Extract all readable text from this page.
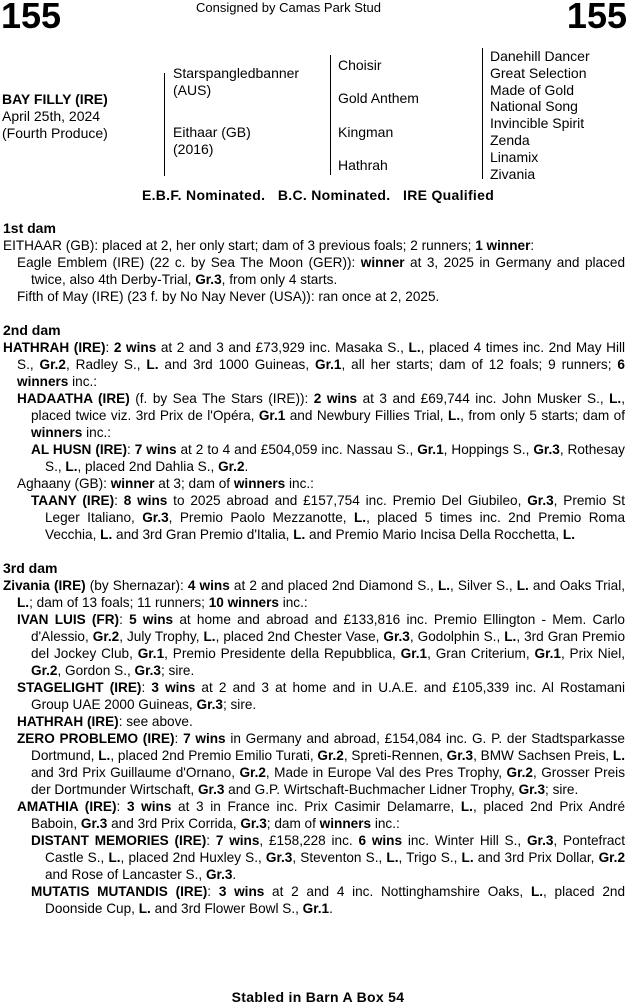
155	155
Consigned by Camas Park Stud
BAY FILLY (IRE)
April 25th, 2024
(Fourth Produce)
Starspangledbanner
(AUS)
Eithaar (GB)
(2016)
Choisir
Gold Anthem
Kingman
Hathrah
Danehill Dancer
Great Selection
Made of Gold
National Song
Invincible Spirit
Zenda
Linamix
Zivania
E.B.F. Nominated.   B.C. Nominated.   IRE Qualified
1st dam

EITHAAR (GB): placed at 2, her only start; dam of 3 previous foals; 2 runners; 1 winner:

Eagle Emblem (IRE) (22 c. by Sea The Moon (GER)): winner at 3, 2025 in Germany and placed twice, also 4th Derby-Trial, Gr.3, from only 4 starts.

Fifth of May (IRE) (23 f. by No Nay Never (USA)): ran once at 2, 2025.

2nd dam

HATHRAH (IRE): 2 wins at 2 and 3 and £73,929 inc. Masaka S., L., placed 4 times inc. 2nd May Hill S., Gr.2, Radley S., L. and 3rd 1000 Guineas, Gr.1, all her starts; dam of 12 foals; 9 runners; 6 winners inc.:

HADAATHA (IRE) (f. by Sea The Stars (IRE)): 2 wins at 3 and £69,744 inc. John Musker S., L., placed twice viz. 3rd Prix de l'Opéra, Gr.1 and Newbury Fillies Trial, L., from only 5 starts; dam of winners inc.:

AL HUSN (IRE): 7 wins at 2 to 4 and £504,059 inc. Nassau S., Gr.1, Hoppings S., Gr.3, Rothesay S., L., placed 2nd Dahlia S., Gr.2.

Aghaany (GB): winner at 3; dam of winners inc.:

TAANY (IRE): 8 wins to 2025 abroad and £157,754 inc. Premio Del Giubileo, Gr.3, Premio St Leger Italiano, Gr.3, Premio Paolo Mezzanotte, L., placed 5 times inc. 2nd Premio Roma Vecchia, L. and 3rd Gran Premio d'Italia, L. and Premio Mario Incisa Della Rocchetta, L.

3rd dam

Zivania (IRE) (by Shernazar): 4 wins at 2 and placed 2nd Diamond S., L., Silver S., L. and Oaks Trial, L.; dam of 13 foals; 11 runners; 10 winners inc.:

IVAN LUIS (FR): 5 wins at home and abroad and £133,816 inc. Premio Ellington - Mem. Carlo d'Alessio, Gr.2, July Trophy, L., placed 2nd Chester Vase, Gr.3, Godolphin S., L., 3rd Gran Premio del Jockey Club, Gr.1, Premio Presidente della Repubblica, Gr.1, Gran Criterium, Gr.1, Prix Niel, Gr.2, Gordon S., Gr.3; sire.

STAGELIGHT (IRE): 3 wins at 2 and 3 at home and in U.A.E. and £105,339 inc. Al Rostamani Group UAE 2000 Guineas, Gr.3; sire.

HATHRAH (IRE): see above.

ZERO PROBLEMO (IRE): 7 wins in Germany and abroad, £154,084 inc. G. P. der Stadtsparkasse Dortmund, L., placed 2nd Premio Emilio Turati, Gr.2, Spreti-Rennen, Gr.3, BMW Sachsen Preis, L. and 3rd Prix Guillaume d'Ornano, Gr.2, Made in Europe Val des Pres Trophy, Gr.2, Grosser Preis der Dortmunder Wirtschaft, Gr.3 and G.P. Wirtschaft-Buchmacher Lidner Trophy, Gr.3; sire.

AMATHIA (IRE): 3 wins at 3 in France inc. Prix Casimir Delamarre, L., placed 2nd Prix André Baboin, Gr.3 and 3rd Prix Corrida, Gr.3; dam of winners inc.:

DISTANT MEMORIES (IRE): 7 wins, £158,228 inc. 6 wins inc. Winter Hill S., Gr.3, Pontefract Castle S., L., placed 2nd Huxley S., Gr.3, Steventon S., L., Trigo S., L. and 3rd Prix Dollar, Gr.2 and Rose of Lancaster S., Gr.3.

MUTATIS MUTANDIS (IRE): 3 wins at 2 and 4 inc. Nottinghamshire Oaks, L., placed 2nd Doonside Cup, L. and 3rd Flower Bowl S., Gr.1.

Stabled in Barn A Box 54
